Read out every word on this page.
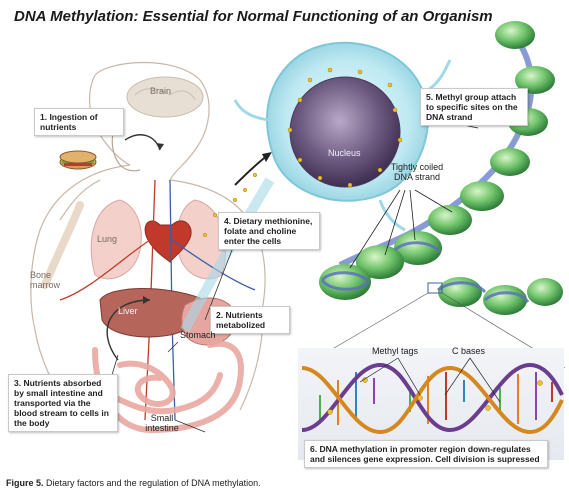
DNA Methylation: Essential for Normal Functioning of an Organism
1. Ingestion of nutrients
2. Nutrients metabolized
3. Nutrients absorbed by small intestine and transported via the blood stream to cells in the body
4. Dietary methionine, folate and choline enter the cells
5. Methyl group attach to specific sites on the DNA strand
6. DNA methylation in promoter region down-regulates and silences gene expression. Cell division is supressed
Brain
Lung
Bone marrow
Liver
Stomach
Small intestine
Nucleus
Tightly coiled DNA strand
Methyl tags	C bases
Figure 5. Dietary factors and the regulation of DNA methylation.
